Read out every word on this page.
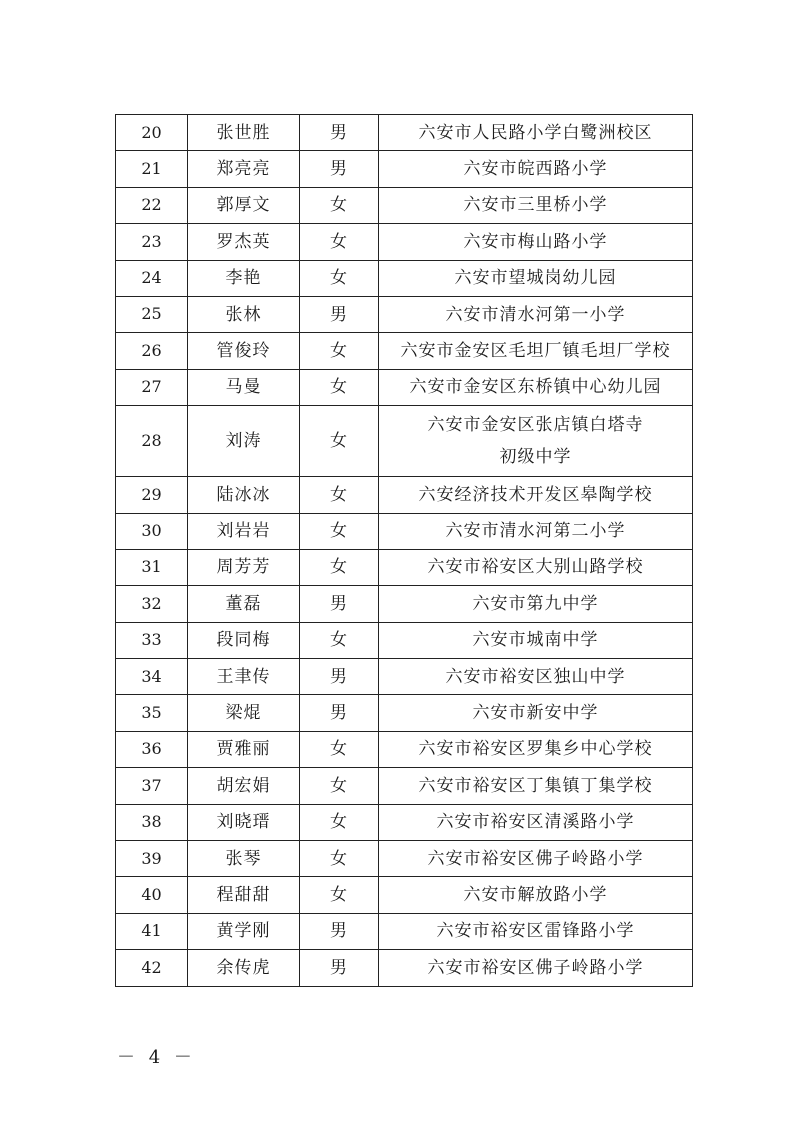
20	张世胜	男	六安市人民路小学白鹭洲校区
21	郑亮亮	男	六安市皖西路小学
22	郭厚文	女	六安市三里桥小学
23	罗杰英	女	六安市梅山路小学
24	李艳	女	六安市望城岗幼儿园
25	张林	男	六安市清水河第一小学
26	管俊玲	女	六安市金安区毛坦厂镇毛坦厂学校
27	马曼	女	六安市金安区东桥镇中心幼儿园
28	刘涛	女	六安市金安区张店镇白塔寺
初级中学

29	陆冰冰	女	六安经济技术开发区皋陶学校
30	刘岩岩	女	六安市清水河第二小学
31	周芳芳	女	六安市裕安区大别山路学校
32	董磊	男	六安市第九中学
33	段同梅	女	六安市城南中学
34	王聿传	男	六安市裕安区独山中学
35	梁焜	男	六安市新安中学
36	贾雅丽	女	六安市裕安区罗集乡中心学校
37	胡宏娟	女	六安市裕安区丁集镇丁集学校
38	刘晓瑨	女	六安市裕安区清溪路小学
39	张琴	女	六安市裕安区佛子岭路小学
40	程甜甜	女	六安市解放路小学
41	黄学刚	男	六安市裕安区雷锋路小学
42	余传虎	男	六安市裕安区佛子岭路小学
－ 4 －
